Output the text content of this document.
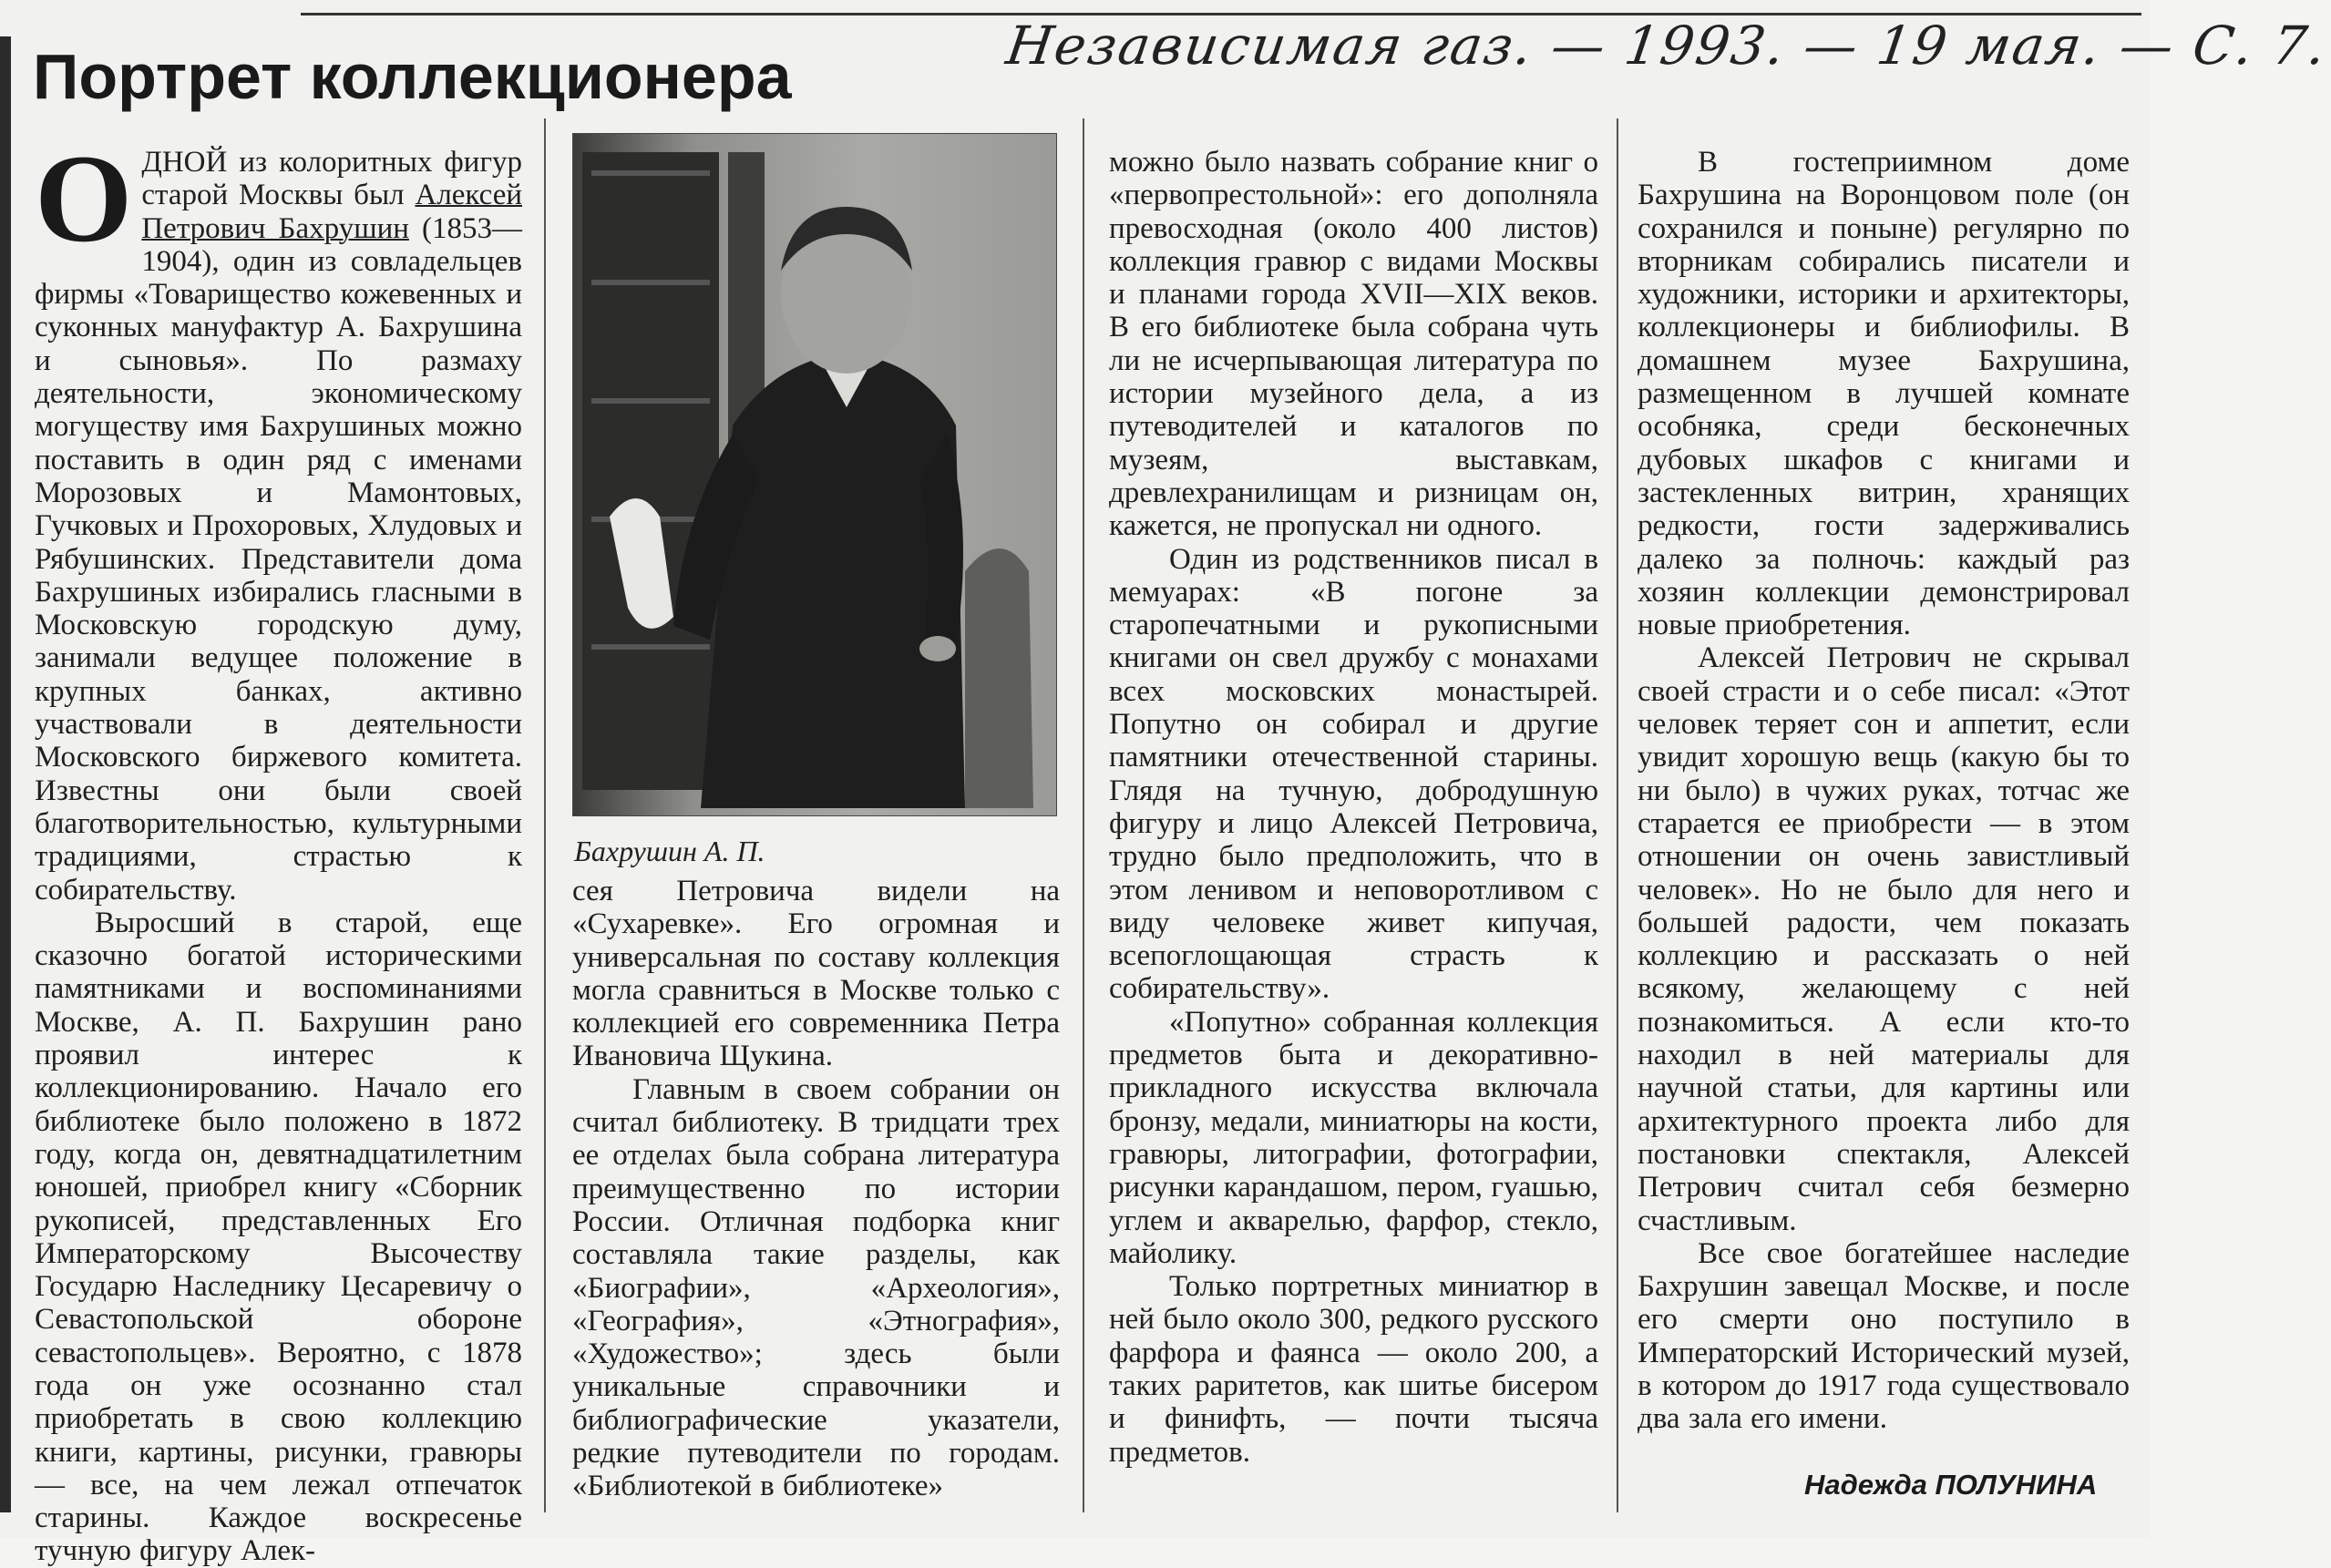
Портрет коллекционера	Независимая газ. — 1993. — 19 мая. — С. 7.

ОДНОЙ из колоритных фигур старой Москвы был Алексей Петрович Бахрушин (1853—1904), один из совладельцев фирмы «Товарищество кожевенных и суконных мануфактур А. Бахрушина и сыновья». По размаху деятельности, экономическому могуществу имя Бахрушиных можно поставить в один ряд с именами Морозовых и Мамонтовых, Гучковых и Прохоровых, Хлудовых и Рябушинских. Представители дома Бахрушиных избирались гласными в Московскую городскую думу, занимали ведущее положение в крупных банках, активно участвовали в деятельности Московского биржевого комитета. Известны они были своей благотворительностью, культурными традициями, страстью к собирательству.

Выросший в старой, еще сказочно богатой историческими памятниками и воспоминаниями Москве, А. П. Бахрушин рано проявил интерес к коллекционированию. Начало его библиотеке было положено в 1872 году, когда он, девятнадцатилетним юношей, приобрел книгу «Сборник рукописей, представленных Его Императорскому Высочеству Государю Наследнику Цесаревичу о Севастопольской обороне севастопольцев». Вероятно, с 1878 года он уже осознанно стал приобретать в свою коллекцию книги, картины, рисунки, гравюры — все, на чем лежал отпечаток старины. Каждое воскресенье тучную фигуру Алек-

Бахрушин А. П.

сея Петровича видели на «Сухаревке». Его огромная и универсальная по составу коллекция могла сравниться в Москве только с коллекцией его современника Петра Ивановича Щукина.

Главным в своем собрании он считал библиотеку. В тридцати трех ее отделах была собрана литература преимущественно по истории России. Отличная подборка книг составляла такие разделы, как «Биографии», «Археология», «География», «Этнография», «Художество»; здесь были уникальные справочники и библиографические указатели, редкие путеводители по городам. «Библиотекой в библиотеке»

можно было назвать собрание книг о «первопрестольной»: его дополняла превосходная (около 400 листов) коллекция гравюр с видами Москвы и планами города XVII—XIX веков. В его библиотеке была собрана чуть ли не исчерпывающая литература по истории музейного дела, а из путеводителей и каталогов по музеям, выставкам, древлехранилищам и ризницам он, кажется, не пропускал ни одного.

Один из родственников писал в мемуарах: «В погоне за старопечатными и рукописными книгами он свел дружбу с монахами всех московских монастырей. Попутно он собирал и другие памятники отечественной старины. Глядя на тучную, добродушную фигуру и лицо Алексей Петровича, трудно было предположить, что в этом ленивом и неповоротливом с виду человеке живет кипучая, всепоглощающая страсть к собирательству».

«Попутно» собранная коллекция предметов быта и декоративно-прикладного искусства включала бронзу, медали, миниатюры на кости, гравюры, литографии, фотографии, рисунки карандашом, пером, гуашью, углем и акварелью, фарфор, стекло, майолику.

Только портретных миниатюр в ней было около 300, редкого русского фарфора и фаянса — около 200, а таких раритетов, как шитье бисером и финифть, — почти тысяча предметов.

В гостеприимном доме Бахрушина на Воронцовом поле (он сохранился и поныне) регулярно по вторникам собирались писатели и художники, историки и архитекторы, коллекционеры и библиофилы. В домашнем музее Бахрушина, размещенном в лучшей комнате особняка, среди бесконечных дубовых шкафов с книгами и застекленных витрин, хранящих редкости, гости задерживались далеко за полночь: каждый раз хозяин коллекции демонстрировал новые приобретения.

Алексей Петрович не скрывал своей страсти и о себе писал: «Этот человек теряет сон и аппетит, если увидит хорошую вещь (какую бы то ни было) в чужих руках, тотчас же старается ее приобрести — в этом отношении он очень завистливый человек». Но не было для него и большей радости, чем показать коллекцию и рассказать о ней всякому, желающему с ней познакомиться. А если кто-то находил в ней материалы для научной статьи, для картины или архитектурного проекта либо для постановки спектакля, Алексей Петрович считал себя безмерно счастливым.

Все свое богатейшее наследие Бахрушин завещал Москве, и после его смерти оно поступило в Императорский Исторический музей, в котором до 1917 года существовало два зала его имени.

Надежда ПОЛУНИНА
